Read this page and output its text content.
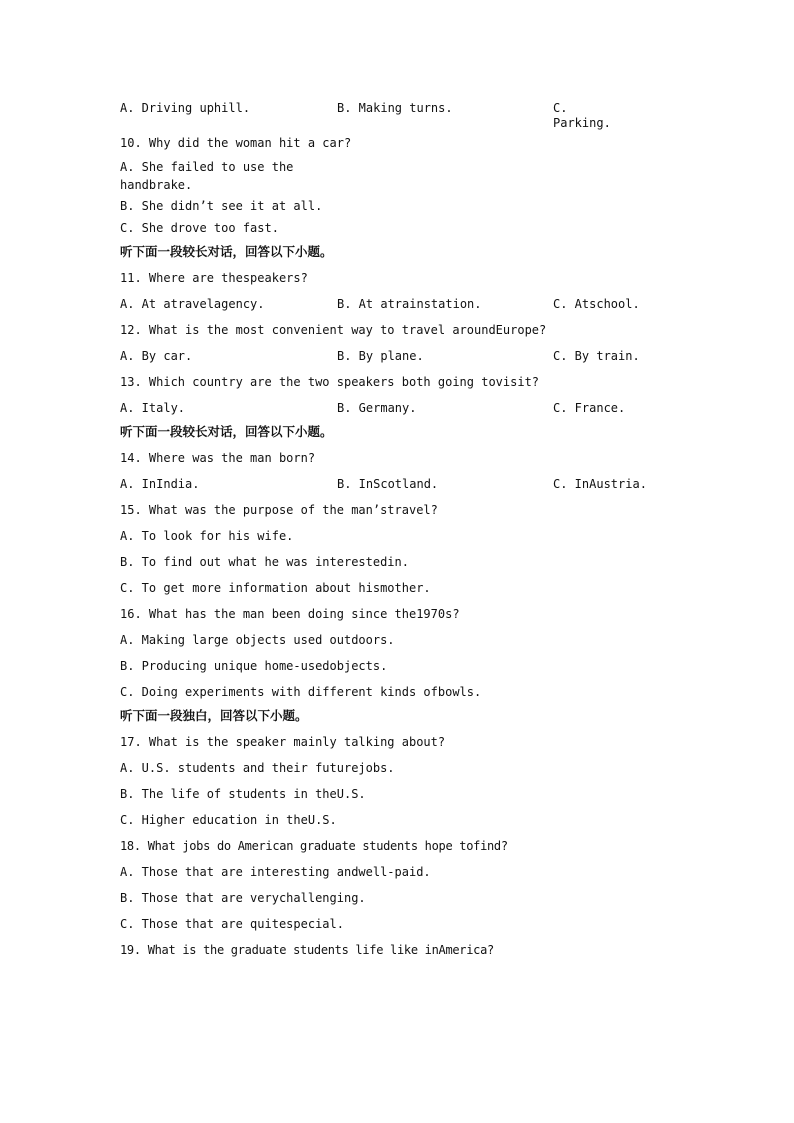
A. Driving uphill.	B. Making turns.	C.
Parking.
10. Why did the woman hit a car?
A. She failed to use the
handbrake.
B. She didn’t see it at all.
C. She drove too fast.
听下面一段较长对话，回答以下小题。
11. Where are thespeakers?
A. At atravelagency.	B. At atrainstation.	C. Atschool.
12. What is the most convenient way to travel aroundEurope?
A. By car.	B. By plane.	C. By train.
13. Which country are the two speakers both going tovisit?
A. Italy.	B. Germany.	C. France.
听下面一段较长对话，回答以下小题。
14. Where was the man born?
A. InIndia.	B. InScotland.	C. InAustria.
15. What was the purpose of the man’stravel?
A. To look for his wife.
B. To find out what he was interestedin.
C. To get more information about hismother.
16. What has the man been doing since the1970s?
A. Making large objects used outdoors.
B. Producing unique home-usedobjects.
C. Doing experiments with different kinds ofbowls.
听下面一段独白，回答以下小题。
17. What is the speaker mainly talking about?
A. U.S. students and their futurejobs.
B. The life of students in theU.S.
C. Higher education in theU.S.
18. What jobs do American graduate students hope tofind?
A. Those that are interesting andwell-paid.
B. Those that are verychallenging.
C. Those that are quitespecial.
19. What is the graduate students life like inAmerica?
